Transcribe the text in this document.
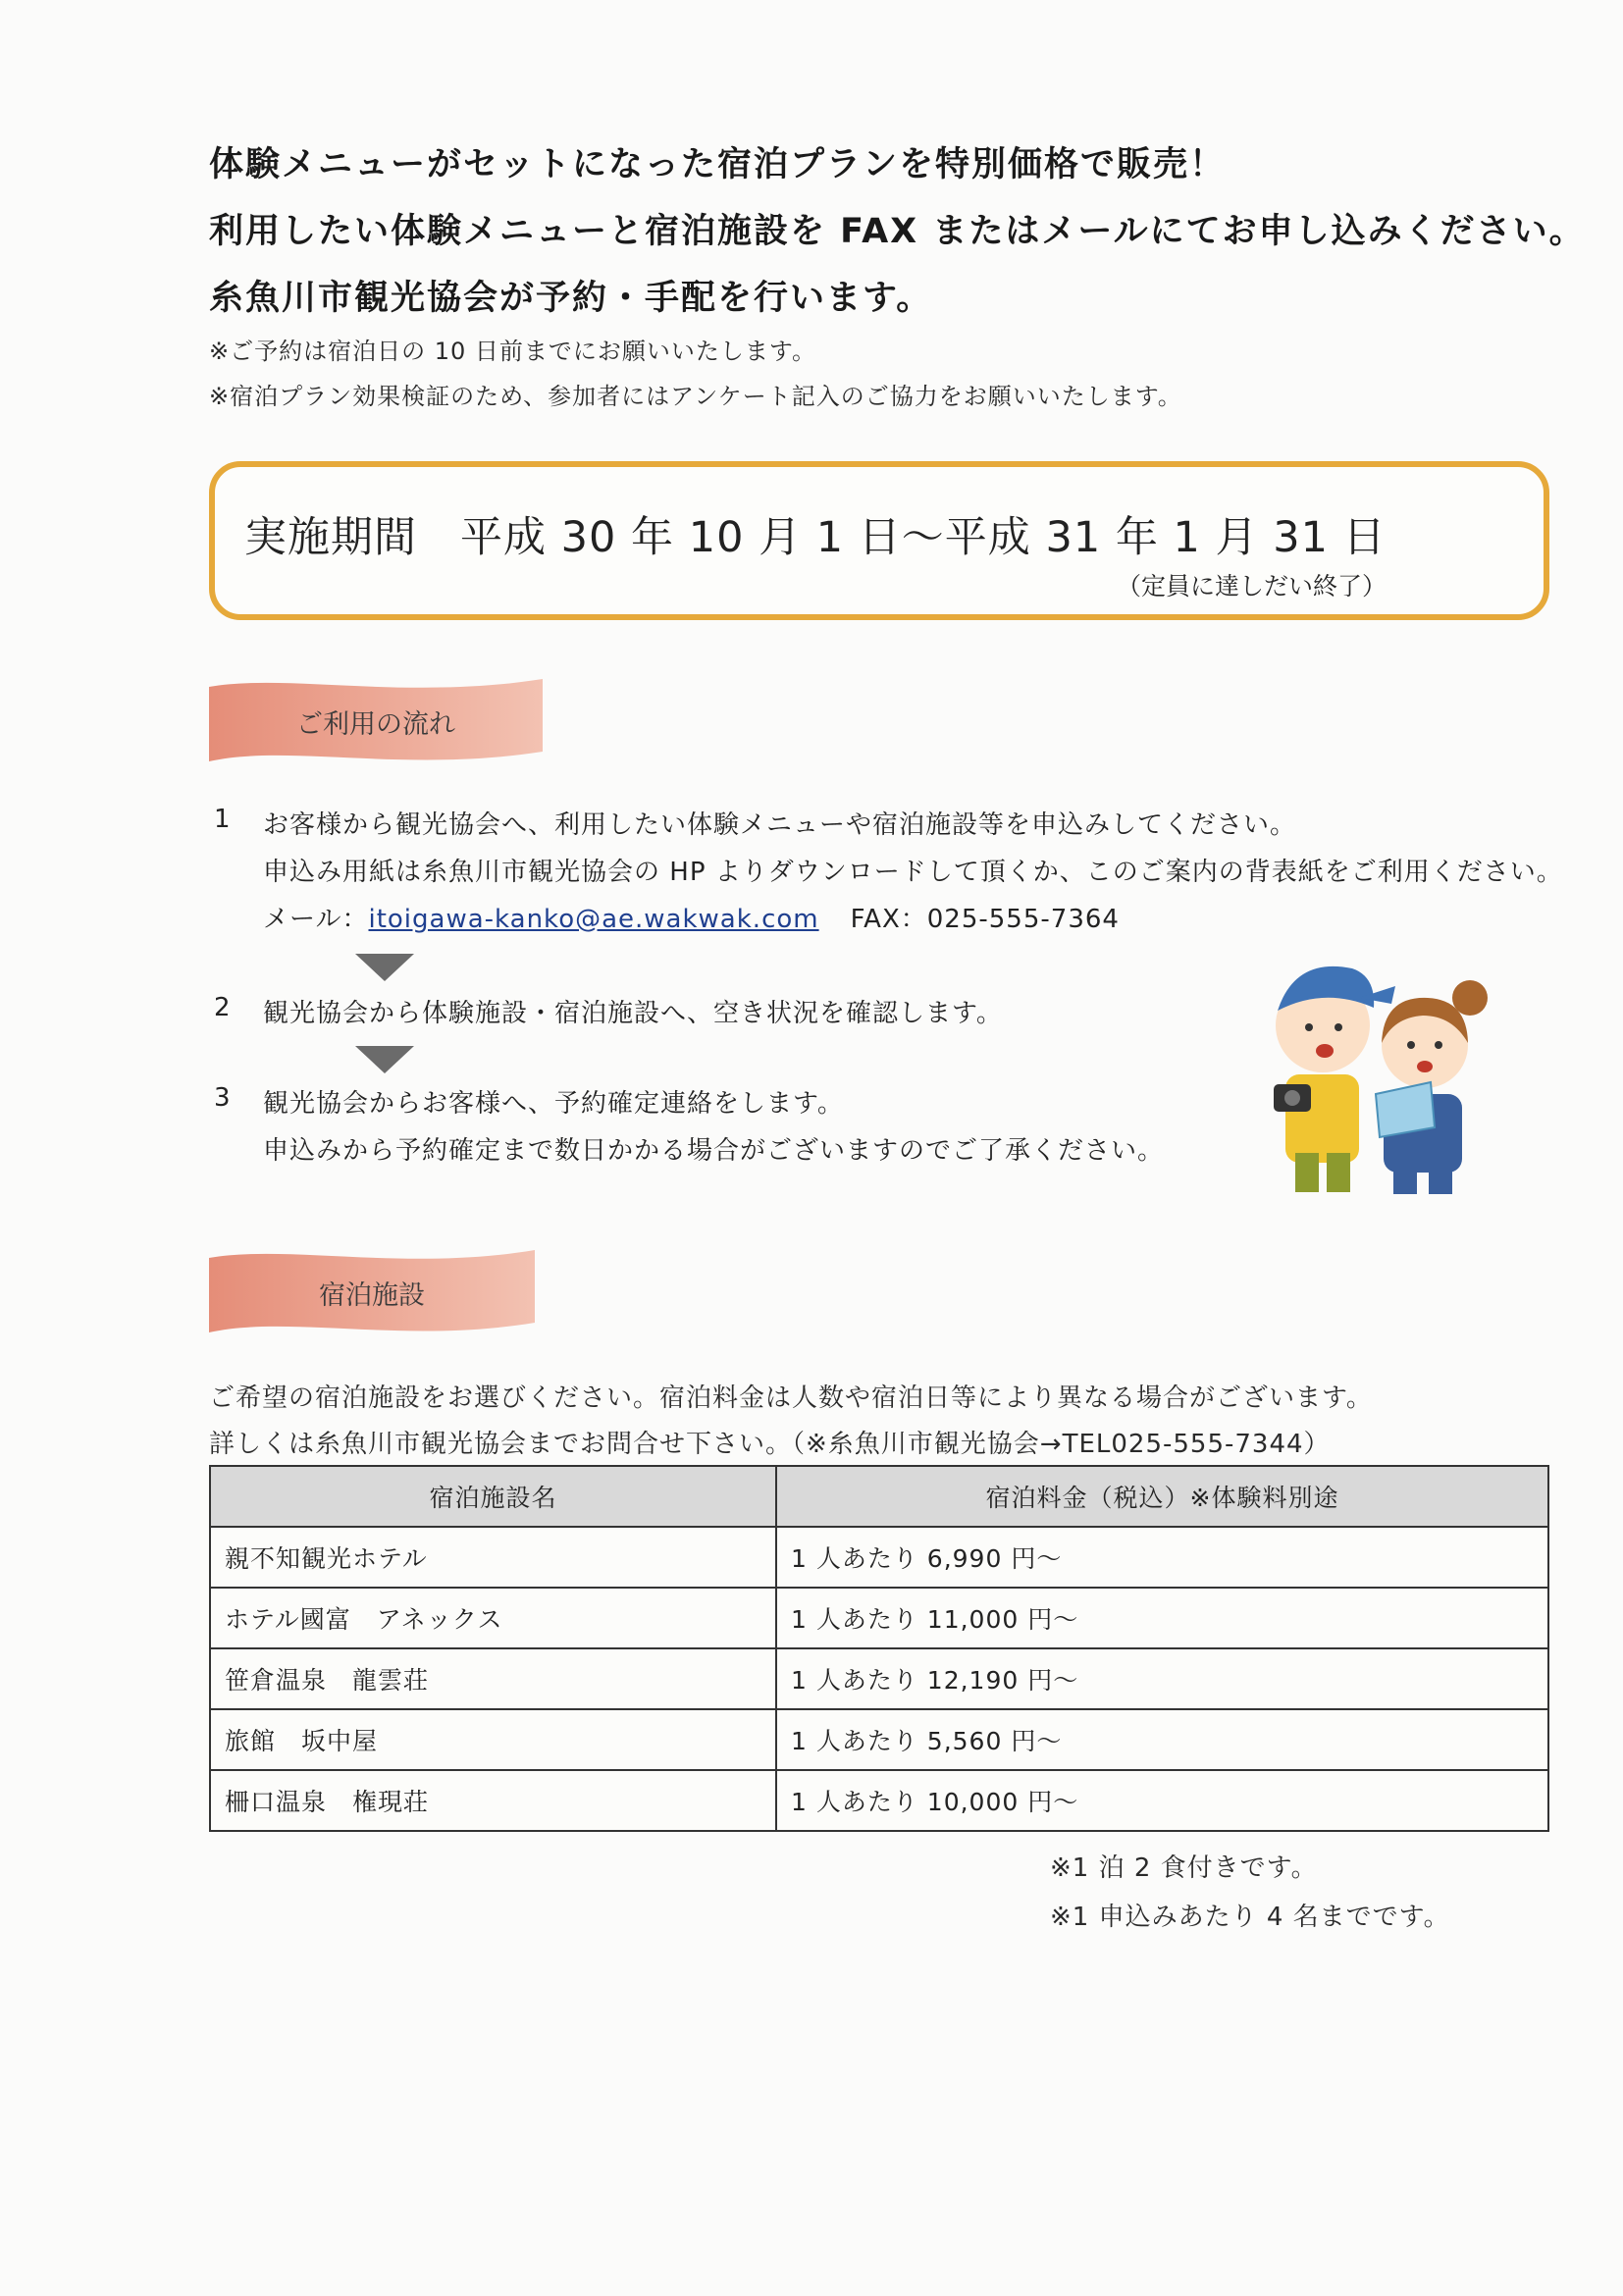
体験メニューがセットになった宿泊プランを特別価格で販売！
利用したい体験メニューと宿泊施設を FAX またはメールにてお申し込みください。
糸魚川市観光協会が予約・手配を行います。
※ご予約は宿泊日の 10 日前までにお願いいたします。
※宿泊プラン効果検証のため、参加者にはアンケート記入のご協力をお願いいたします。
実施期間　平成 30 年 10 月 1 日～平成 31 年 1 月 31 日
（定員に達しだい終了）
ご利用の流れ
1 お客様から観光協会へ、利用したい体験メニューや宿泊施設等を申込みしてください。
申込み用紙は糸魚川市観光協会の HP よりダウンロードして頂くか、このご案内の背表紙をご利用ください。
メール：itoigawa-kanko@ae.wakwak.com FAX：025-555-7364
2 観光協会から体験施設・宿泊施設へ、空き状況を確認します。
3 観光協会からお客様へ、予約確定連絡をします。
申込みから予約確定まで数日かかる場合がございますのでご了承ください。
宿泊施設
ご希望の宿泊施設をお選びください。宿泊料金は人数や宿泊日等により異なる場合がございます。
詳しくは糸魚川市観光協会までお問合せ下さい。（※糸魚川市観光協会→TEL025-555-7344）
宿泊施設名	宿泊料金（税込）※体験料別途
親不知観光ホテル	1 人あたり 6,990 円～
ホテル國富　アネックス	1 人あたり 11,000 円～
笹倉温泉　龍雲荘	1 人あたり 12,190 円～
旅館　坂中屋	1 人あたり 5,560 円～
柵口温泉　権現荘	1 人あたり 10,000 円～
※1 泊 2 食付きです。
※1 申込みあたり 4 名までです。
